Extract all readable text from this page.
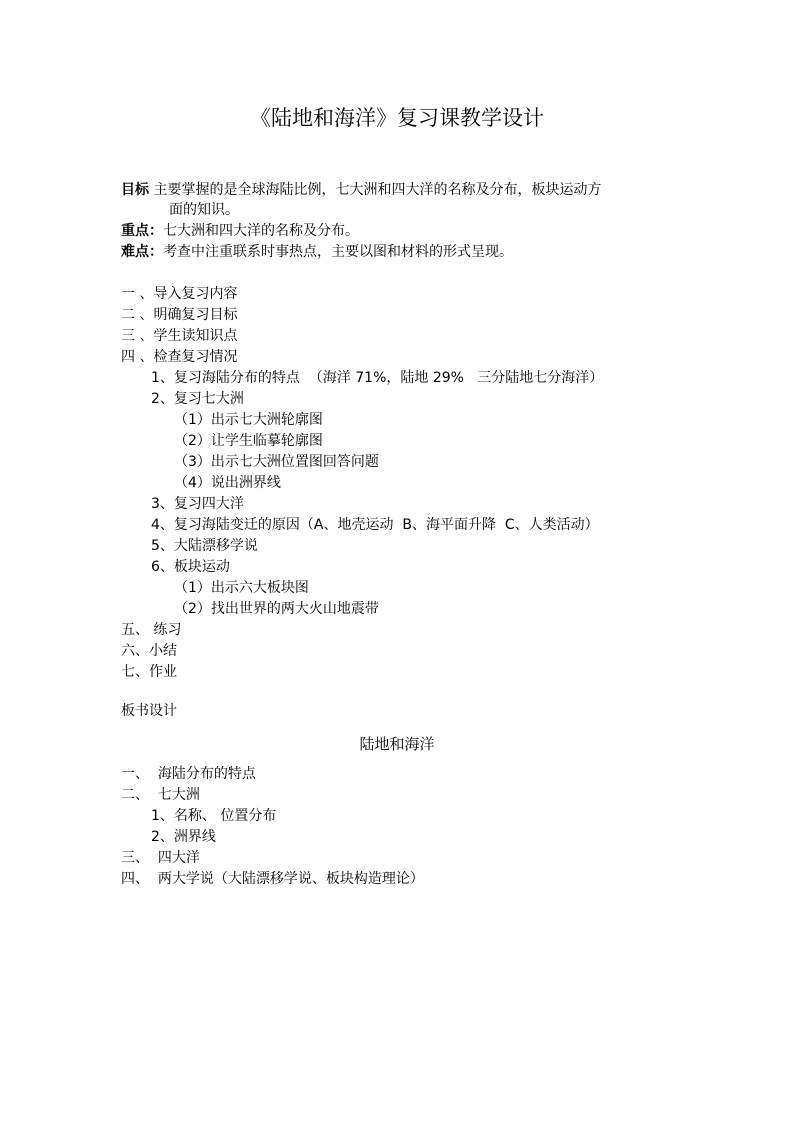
《陆地和海洋》复习课教学设计
目标 主要掌握的是全球海陆比例，七大洲和四大洋的名称及分布，板块运动方
面的知识。
重点：七大洲和四大洋的名称及分布。
难点：考查中注重联系时事热点，主要以图和材料的形式呈现。
一 、导入复习内容
二 、明确复习目标
三 、学生读知识点
四 、检查复习情况
1、复习海陆分布的特点  （海洋 71%，陆地 29%   三分陆地七分海洋）
2、复习七大洲
（1）出示七大洲轮廓图
（2）让学生临摹轮廓图
（3）出示七大洲位置图回答问题
（4）说出洲界线
3、复习四大洋
4、复习海陆变迁的原因（A、地壳运动  B、海平面升降  C、人类活动）
5、大陆漂移学说
6、板块运动
（1）出示六大板块图
（2）找出世界的两大火山地震带
五、 练习
六、小结
七、作业
板书设计
陆地和海洋
一、  海陆分布的特点
二、  七大洲
1、名称、 位置分布
2、洲界线
三、  四大洋
四、  两大学说（大陆漂移学说、板块构造理论）
